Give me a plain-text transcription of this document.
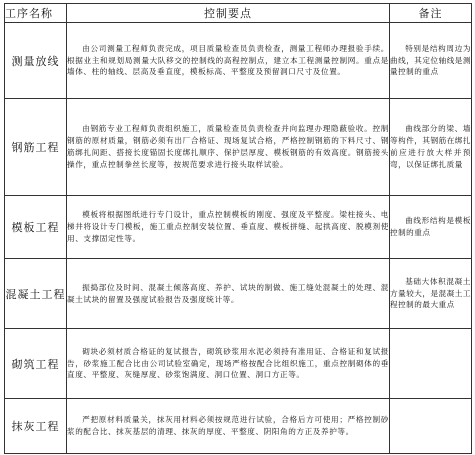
工序名称	控制要点	备注
测量放线	由公司测量工程师负责完成，项目质量检查员负责检查，测量工程师办理报验手续。根据业主和规划局测量大队移交的控制线的高程控制点，建立本工程测量控制网。重点是墙体、柱的轴线、层高及垂直度，模板标高、平整度及预留洞口尺寸及位置。	特别是结构周边为曲线，其定位轴线是测量控制的重点
钢筋工程	由钢筋专业工程师负责组织施工，质量检查员负责检查并向监理办理隐蔽验收。控制钢筋的原材质量，钢筋必须有出厂合格证、现场复试合格，严格控制钢筋的下料尺寸、钢筋绑扎间距、搭接长度锚固长度绑扎顺序、保护层厚度、模板钢筋的有效高度。钢筋接头操作，重点控制拳丝长度等，按规范要求进行接头取样试验。	曲线部分的梁、墙等构件，其钢筋在绑扎前应进行放大样并预弯，以保证绑扎质量
模板工程	模板将根据图纸进行专门设计，重点控制模板的刚度、强度及平整度。梁柱接头、电梯井将设计专门模板，施工重点控制安装位置、垂直度、模板拼缝、起拱高度、脱模剂使用、支撑固定性等。	曲线形结构是模板控制的重点
混凝土工程	振捣部位及时间、混凝土倾落高度、养护、试块的制做、施工缝处混凝土的处理、混凝土试块的留置及强度试验报告及强度统计等。	基础大体积混凝土方量较大，是混凝土工程控制的最大重点
砌筑工程	砌块必须材质合格证的复试报告，砌筑砂浆用水泥必须持有准用证、合格证和复试报告，砂浆施工配合比由公司试验室确定，现场严格按配合比组织施工，重点控制砌体的垂直度、平整度、灰缝厚度、砂浆饱满度、洞口位置、洞口方正等。	
抹灰工程	严把原材料质量关，抹灰用材料必须按规范进行试验，合格后方可使用；严格控制砂浆的配合比、抹灰基层的清理、抹灰的厚度、平整度、阴阳角的方正及养护等。	
